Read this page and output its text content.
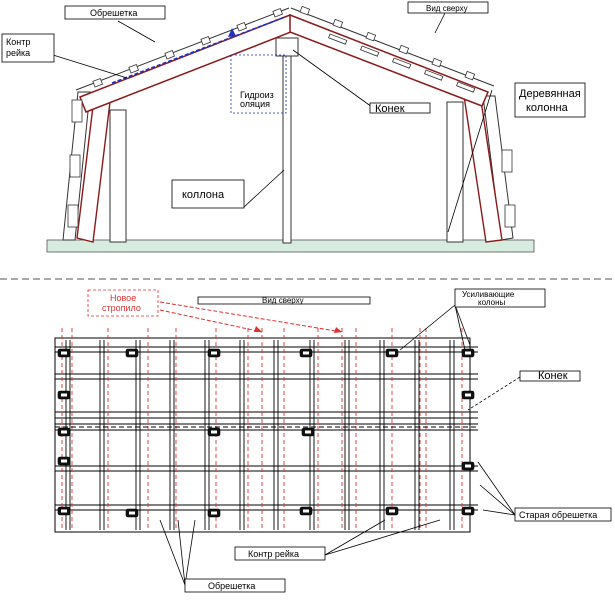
Обрешетка
Контр рейка
Вид сверху
Гидроиз
оляция	Конек
Деревянная
колонна
коллона
Новое
стропило
Вид сверху
Усиливающие
колоны
Конек
Старая обрешетка
Контр рейка
Обрешетка
